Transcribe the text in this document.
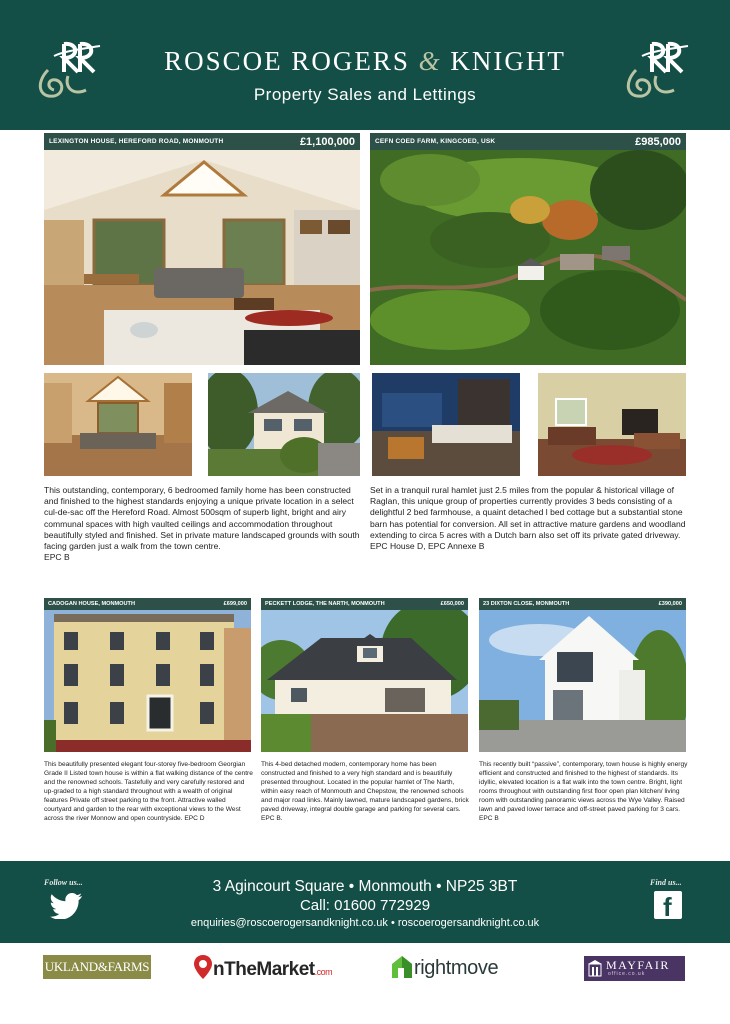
ROSCOE ROGERS & KNIGHT
Property Sales and Lettings
LEXINGTON HOUSE, HEREFORD ROAD, MONMOUTH	£1,100,000
This outstanding, contemporary, 6 bedroomed family home has been constructed and finished to the highest standards enjoying a unique private location in a select cul-de-sac off the Hereford Road. Almost 500sqm of superb light, bright and airy communal spaces with high vaulted ceilings and accommodation throughout beautifully styled and finished. Set in private mature landscaped grounds with south facing garden just a walk from the town centre.
EPC B
CEFN COED FARM, KINGCOED, USK	£985,000
Set in a tranquil rural hamlet just 2.5 miles from the popular & historical village of Raglan, this unique group of properties currently provides 3 beds consisting of a delightful 2 bed farmhouse, a quaint detached l bed cottage but a substantial stone barn has potential for conversion. All set in attractive mature gardens and woodland extending to circa 5 acres with a Dutch barn also set off its private gated driveway.
EPC House D, EPC Annexe B
CADOGAN HOUSE, MONMOUTH	£699,000
This beautifully presented elegant four-storey five-bedroom Georgian Grade II Listed town house is within a flat walking distance of the centre and the renowned schools. Tastefully and very carefully restored and up-graded to a high standard throughout with a wealth of original features Private off street parking to the front. Attractive walled courtyard and garden to the rear with exceptional views to the West across the river Monnow and open countryside. EPC D
PECKETT LODGE, THE NARTH, MONMOUTH	£650,000
This 4-bed detached modern, contemporary home has been constructed and finished to a very high standard and is beautifully presented throughout. Located in the popular hamlet of The Narth, within easy reach of Monmouth and Chepstow, the renowned schools and major road links. Mainly lawned, mature landscaped gardens, brick paved driveway, integral double garage and parking for several cars.
EPC B.
23 DIXTON CLOSE, MONMOUTH	£390,000
This recently built “passive”, contemporary, town house is highly energy efficient and constructed and finished to the highest of standards. Its idyllic, elevated location is a flat walk into the town centre. Bright, light rooms throughout with outstanding first floor open plan kitchen/ living room with outstanding panoramic views across the Wye Valley. Raised lawn and paved lower terrace and off-street paved parking for 3 cars.
EPC B
Follow us...	3 Agincourt Square • Monmouth • NP25 3BT
Call: 01600 772929
enquiries@roscoerogersandknight.co.uk • roscoerogersandknight.co.uk
Find us...
f
UKLAND&FARMS	nTheMarket.com	rightmove	MAYFAIR
office.co.uk
